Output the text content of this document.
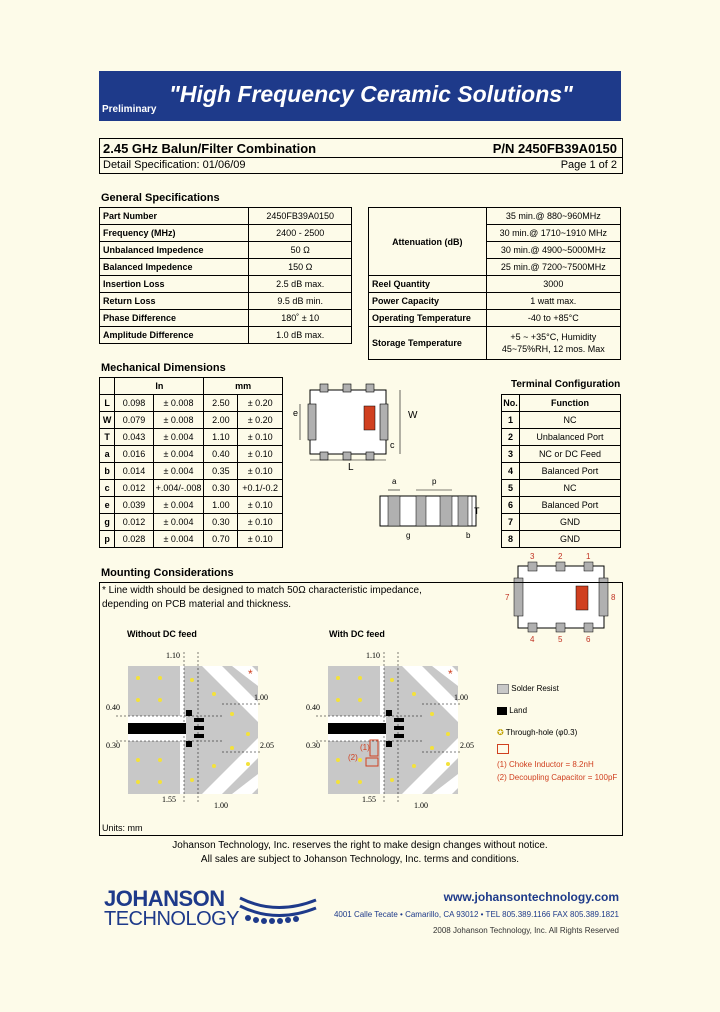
Preliminary
"High Frequency Ceramic Solutions"
2.45 GHz Balun/Filter Combination	P/N 2450FB39A0150
Detail Specification: 01/06/09	Page 1 of 2
General Specifications
Part Number	2450FB39A0150
Frequency (MHz)	2400 - 2500
Unbalanced Impedence	50 Ω
Balanced Impedence	150 Ω
Insertion Loss	2.5 dB max.
Return Loss	9.5 dB min.
Phase Difference	180˚ ± 10
Amplitude Difference	1.0 dB max.
Attenuation (dB)	35 min.@ 880~960MHz
	30 min.@ 1710~1910 MHz
	30 min.@ 4900~5000MHz
	25 min.@ 7200~7500MHz
Reel Quantity	3000
Power Capacity	1 watt max.
Operating Temperature	-40 to +85°C
Storage Temperature	+5 ~ +35°C, Humidity
45~75%RH, 12 mos. Max
Mechanical Dimensions
	In		mm	
L	0.098	± 0.008	2.50	± 0.20
W	0.079	± 0.008	2.00	± 0.20
T	0.043	± 0.004	1.10	± 0.10
a	0.016	± 0.004	0.40	± 0.10
b	0.014	± 0.004	0.35	± 0.10
c	0.012	+.004/-.008	0.30	+0.1/-0.2
e	0.039	± 0.004	1.00	± 0.10
g	0.012	± 0.004	0.30	± 0.10
p	0.028	± 0.004	0.70	± 0.10
e	W
c
L
a	p
T
g	b
Terminal Configuration
No.	Function
1	NC
2	Unbalanced Port
3	NC or DC Feed
4	Balanced Port
5	NC
6	Balanced Port
7	GND
8	GND
3	2	1
4	5	6
7	8
Mounting Considerations
* Line width should be designed to match 50Ω characteristic impedance,
depending on PCB material and thickness.
Units: mm
Without DC feed	With DC feed
1.10
0.40
0.30
1.00
2.05
1.55
1.00
1.10
0.40
0.30
1.00
2.05
1.55
1.00
*	*
(1)
(2)
Solder Resist
Land
✪ Through-hole (φ0.3)
(1) Choke Inductor = 8.2nH
(2) Decoupling Capacitor = 100pF
Johanson Technology, Inc. reserves the right to make design changes without notice.
All sales are subject to Johanson Technology, Inc. terms and conditions.
JOHANSON
TECHNOLOGY
www.johansontechnology.com
4001 Calle Tecate • Camarillo, CA 93012 • TEL 805.389.1166 FAX 805.389.1821
2008 Johanson Technology, Inc. All Rights Reserved
